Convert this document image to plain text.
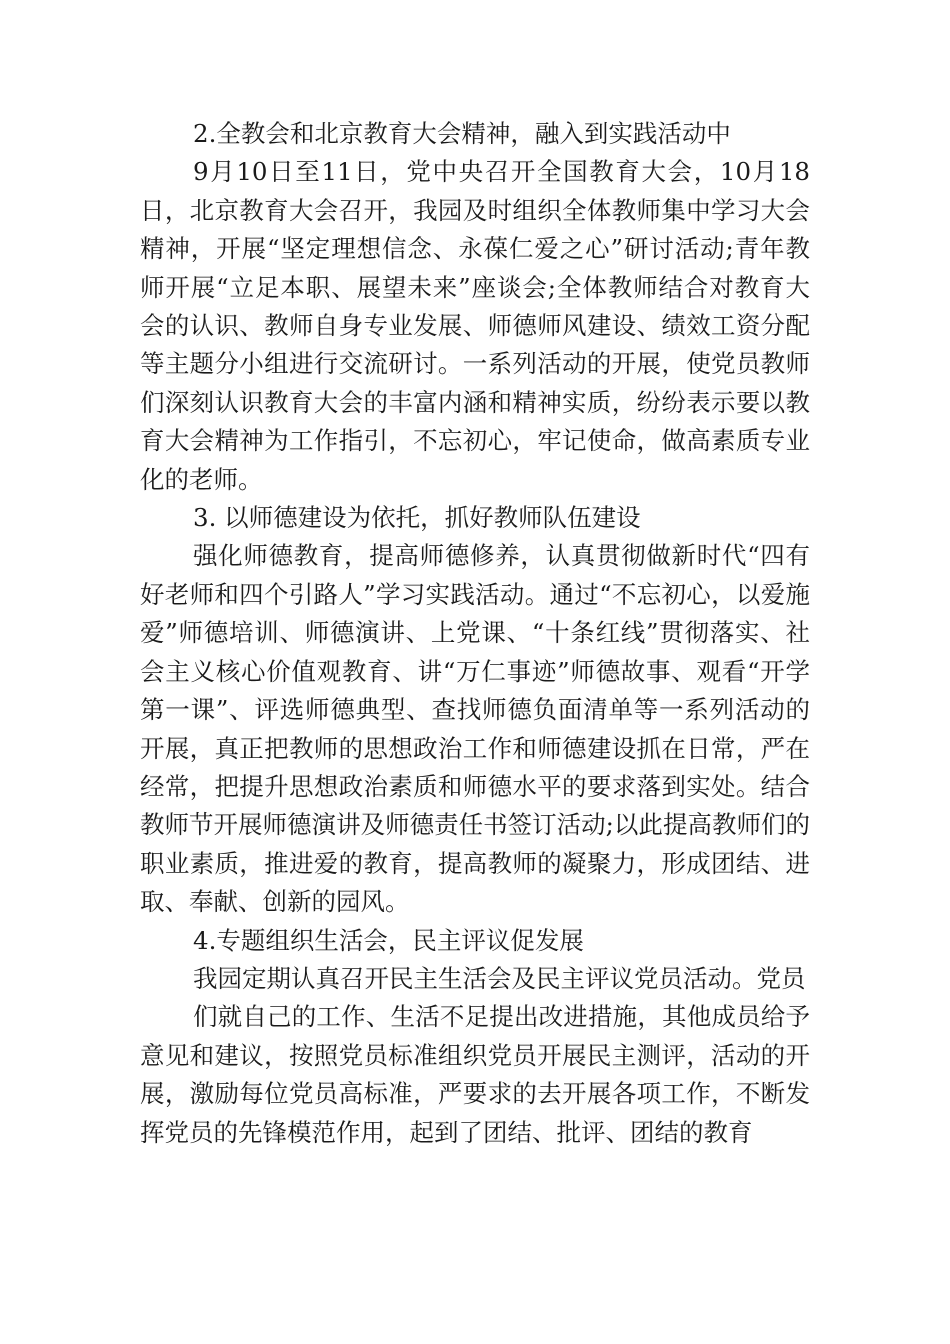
2.全教会和北京教育大会精神，融入到实践活动中

9月10日至11日，党中央召开全国教育大会，10月18日，北京教育大会召开，我园及时组织全体教师集中学习大会精神，开展“坚定理想信念、永葆仁爱之心”研讨活动;青年教师开展“立足本职、展望未来”座谈会;全体教师结合对教育大会的认识、教师自身专业发展、师德师风建设、绩效工资分配等主题分小组进行交流研讨。一系列活动的开展，使党员教师们深刻认识教育大会的丰富内涵和精神实质，纷纷表示要以教育大会精神为工作指引，不忘初心，牢记使命，做高素质专业化的老师。

3. 以师德建设为依托，抓好教师队伍建设

强化师德教育，提高师德修养，认真贯彻做新时代“四有好老师和四个引路人”学习实践活动。通过“不忘初心，以爱施爱”师德培训、师德演讲、上党课、“十条红线”贯彻落实、社会主义核心价值观教育、讲“万仁事迹”师德故事、观看“开学第一课”、评选师德典型、查找师德负面清单等一系列活动的开展，真正把教师的思想政治工作和师德建设抓在日常，严在经常，把提升思想政治素质和师德水平的要求落到实处。结合教师节开展师德演讲及师德责任书签订活动;以此提高教师们的职业素质，推进爱的教育，提高教师的凝聚力，形成团结、进取、奉献、创新的园风。

4.专题组织生活会，民主评议促发展

我园定期认真召开民主生活会及民主评议党员活动。党员

们就自己的工作、生活不足提出改进措施，其他成员给予意见和建议，按照党员标准组织党员开展民主测评，活动的开展，激励每位党员高标准，严要求的去开展各项工作，不断发挥党员的先锋模范作用，起到了团结、批评、团结的教育
